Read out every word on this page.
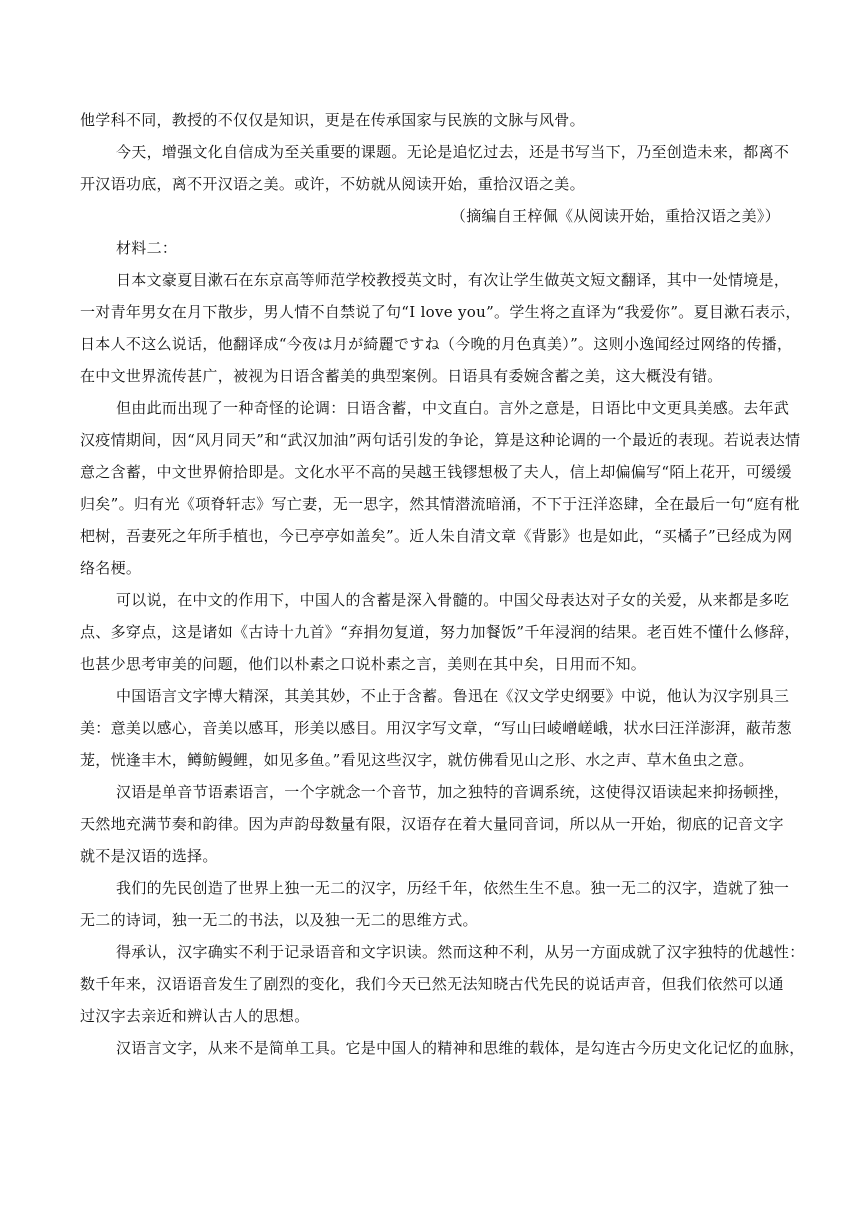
他学科不同，教授的不仅仅是知识，更是在传承国家与民族的文脉与风骨。
今天，增强文化自信成为至关重要的课题。无论是追忆过去，还是书写当下，乃至创造未来，都离不
开汉语功底，离不开汉语之美。或许，不妨就从阅读开始，重拾汉语之美。
（摘编自王梓佩《从阅读开始，重拾汉语之美》）
材料二：
日本文豪夏目漱石在东京高等师范学校教授英文时，有次让学生做英文短文翻译，其中一处情境是，
一对青年男女在月下散步，男人情不自禁说了句“I love you”。学生将之直译为“我爱你”。夏目漱石表示，
日本人不这么说话，他翻译成“今夜は月が綺麗ですね（今晚的月色真美）”。这则小逸闻经过网络的传播，
在中文世界流传甚广，被视为日语含蓄美的典型案例。日语具有委婉含蓄之美，这大概没有错。
但由此而出现了一种奇怪的论调：日语含蓄，中文直白。言外之意是，日语比中文更具美感。去年武
汉疫情期间，因“风月同天”和“武汉加油”两句话引发的争论，算是这种论调的一个最近的表现。若说表达情
意之含蓄，中文世界俯拾即是。文化水平不高的吴越王钱镠想极了夫人，信上却偏偏写“陌上花开，可缓缓
归矣”。归有光《项脊轩志》写亡妻，无一思字，然其情潜流暗涌，不下于汪洋恣肆，全在最后一句“庭有枇
杷树，吾妻死之年所手植也，今已亭亭如盖矣”。近人朱自清文章《背影》也是如此，“买橘子”已经成为网
络名梗。
可以说，在中文的作用下，中国人的含蓄是深入骨髓的。中国父母表达对子女的关爱，从来都是多吃
点、多穿点，这是诸如《古诗十九首》“弃捐勿复道，努力加餐饭”千年浸润的结果。老百姓不懂什么修辞，
也甚少思考审美的问题，他们以朴素之口说朴素之言，美则在其中矣，日用而不知。
中国语言文字博大精深，其美其妙，不止于含蓄。鲁迅在《汉文学史纲要》中说，他认为汉字别具三
美：意美以感心，音美以感耳，形美以感目。用汉字写文章，“写山曰崚嶒嵯峨，状水曰汪洋澎湃，蔽芾葱
茏，恍逢丰木，鳟鲂鳗鲤，如见多鱼。”看见这些汉字，就仿佛看见山之形、水之声、草木鱼虫之意。
汉语是单音节语素语言，一个字就念一个音节，加之独特的音调系统，这使得汉语读起来抑扬顿挫，
天然地充满节奏和韵律。因为声韵母数量有限，汉语存在着大量同音词，所以从一开始，彻底的记音文字
就不是汉语的选择。
我们的先民创造了世界上独一无二的汉字，历经千年，依然生生不息。独一无二的汉字，造就了独一
无二的诗词，独一无二的书法，以及独一无二的思维方式。
得承认，汉字确实不利于记录语音和文字识读。然而这种不利，从另一方面成就了汉字独特的优越性：
数千年来，汉语语音发生了剧烈的变化，我们今天已然无法知晓古代先民的说话声音，但我们依然可以通
过汉字去亲近和辨认古人的思想。
汉语言文字，从来不是简单工具。它是中国人的精神和思维的载体，是勾连古今历史文化记忆的血脉，
